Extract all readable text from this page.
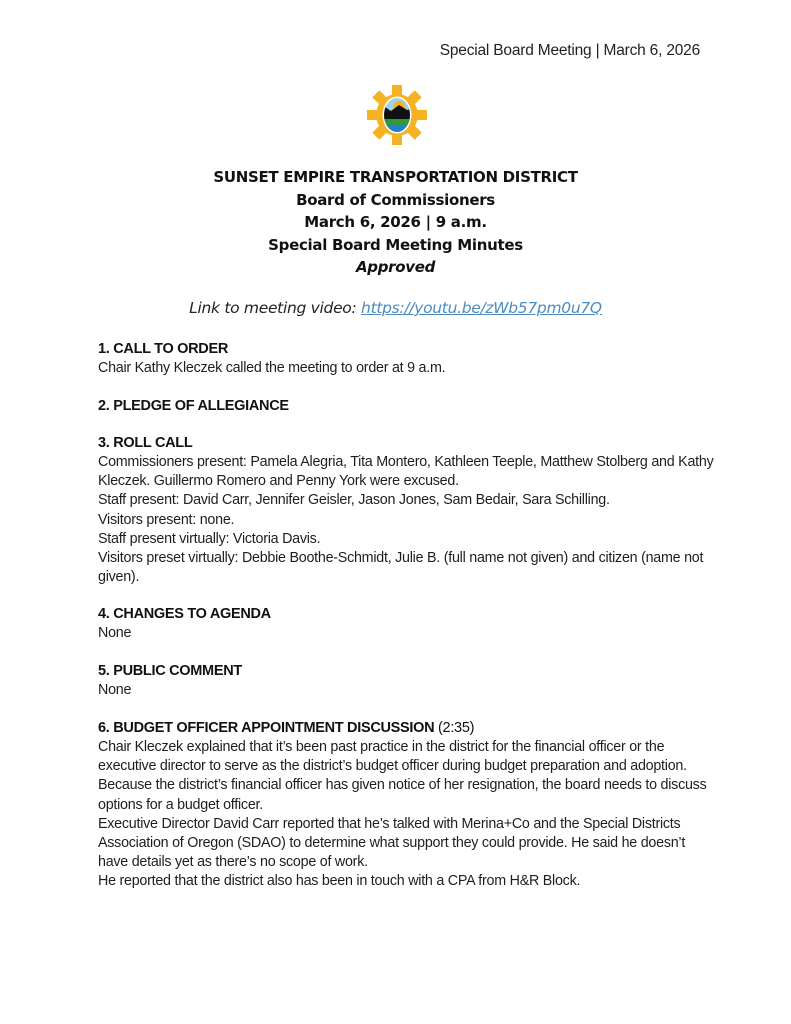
Special Board Meeting | March 6, 2026
SUNSET EMPIRE TRANSPORTATION DISTRICT
Board of Commissioners
March 6, 2026 | 9 a.m.
Special Board Meeting Minutes
Approved
Link to meeting video: https://youtu.be/zWb57pm0u7Q
1. CALL TO ORDER

Chair Kathy Kleczek called the meeting to order at 9 a.m.

2. PLEDGE OF ALLEGIANCE
3. ROLL CALL

Commissioners present: Pamela Alegria, Tita Montero, Kathleen Teeple, Matthew Stolberg and Kathy Kleczek. Guillermo Romero and Penny York were excused.

Staff present: David Carr, Jennifer Geisler, Jason Jones, Sam Bedair, Sara Schilling.

Visitors present: none.

Staff present virtually: Victoria Davis.

Visitors preset virtually: Debbie Boothe-Schmidt, Julie B. (full name not given) and citizen (name not given).

4. CHANGES TO AGENDA

None

5. PUBLIC COMMENT

None

6. BUDGET OFFICER APPOINTMENT DISCUSSION (2:35)

Chair Kleczek explained that it’s been past practice in the district for the financial officer or the executive director to serve as the district’s budget officer during budget preparation and adoption. Because the district’s financial officer has given notice of her resignation, the board needs to discuss options for a budget officer.

Executive Director David Carr reported that he’s talked with Merina+Co and the Special Districts Association of Oregon (SDAO) to determine what support they could provide. He said he doesn’t have details yet as there’s no scope of work.

He reported that the district also has been in touch with a CPA from H&R Block.
